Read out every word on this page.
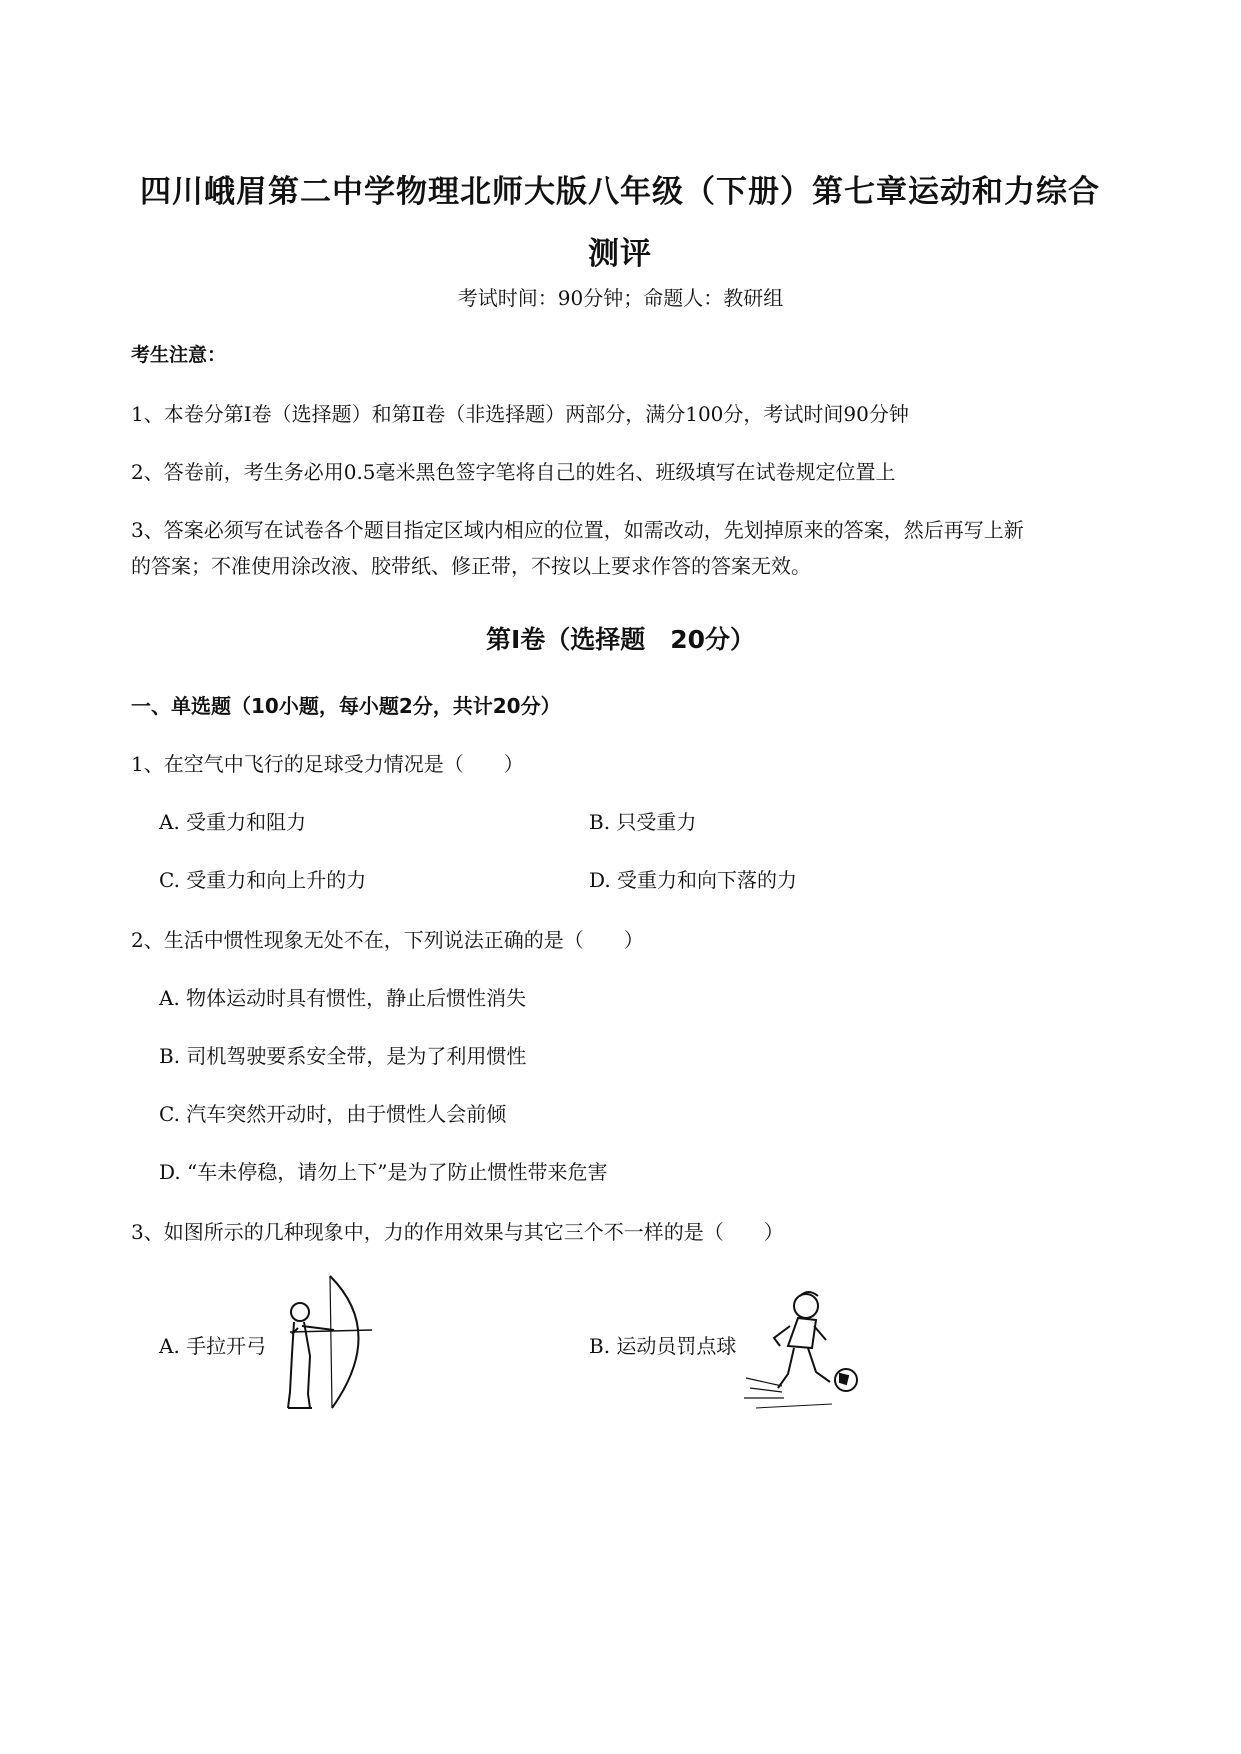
四川峨眉第二中学物理北师大版八年级（下册）第七章运动和力综合
测评
考试时间：90分钟；命题人：教研组
考生注意：
1、本卷分第Ⅰ卷（选择题）和第Ⅱ卷（非选择题）两部分，满分100分，考试时间90分钟
2、答卷前，考生务必用0.5毫米黑色签字笔将自己的姓名、班级填写在试卷规定位置上
3、答案必须写在试卷各个题目指定区域内相应的位置，如需改动，先划掉原来的答案，然后再写上新
的答案；不准使用涂改液、胶带纸、修正带，不按以上要求作答的答案无效。
第Ⅰ卷（选择题　20分）
一、单选题（10小题，每小题2分，共计20分）
1、在空气中飞行的足球受力情况是（　　）
A. 受重力和阻力	B. 只受重力
C. 受重力和向上升的力	D. 受重力和向下落的力
2、生活中惯性现象无处不在，下列说法正确的是（　　）
A. 物体运动时具有惯性，静止后惯性消失
B. 司机驾驶要系安全带，是为了利用惯性
C. 汽车突然开动时，由于惯性人会前倾
D. “车未停稳，请勿上下”是为了防止惯性带来危害
3、如图所示的几种现象中，力的作用效果与其它三个不一样的是（　　）
A. 手拉开弓	B. 运动员罚点球
